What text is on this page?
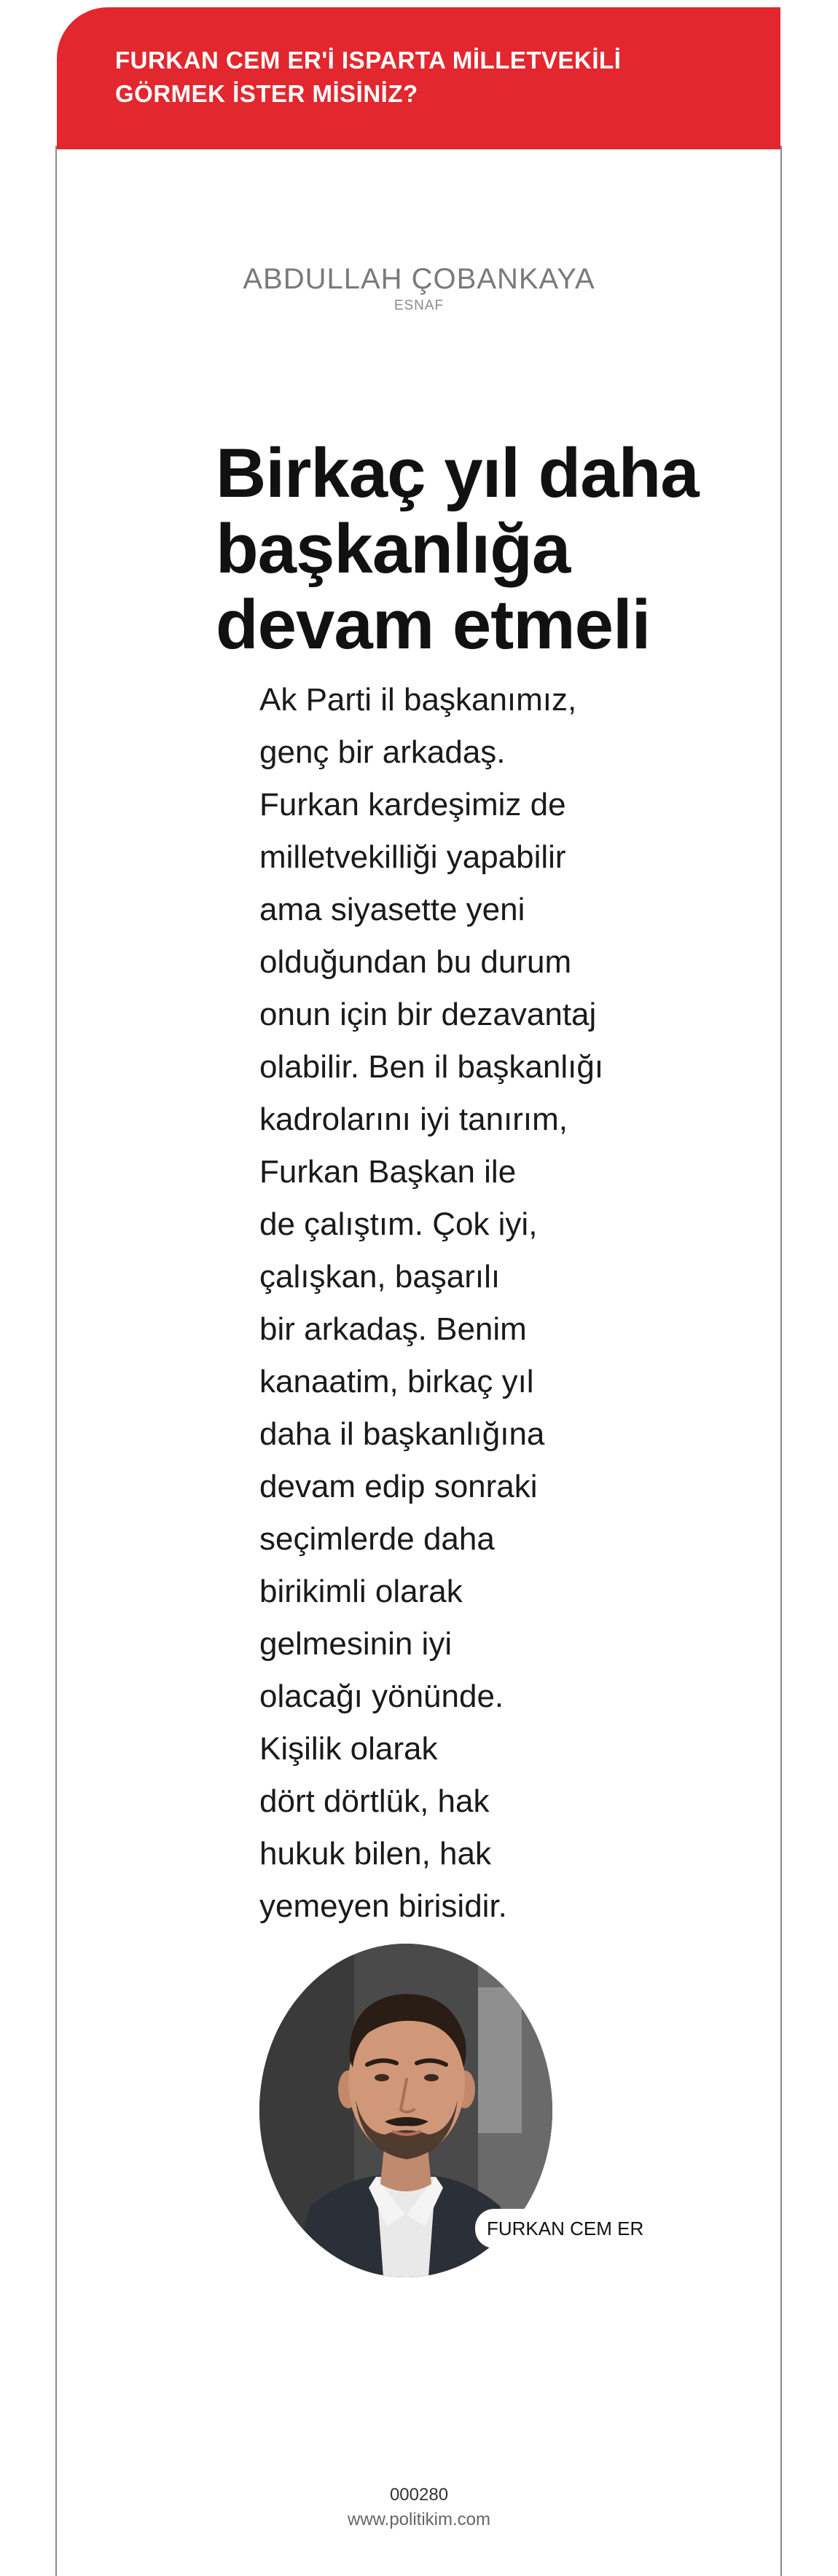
FURKAN CEM ER'İ ISPARTA MİLLETVEKİLİ GÖRMEK İSTER MİSİNİZ?
ABDULLAH ÇOBANKAYA
ESNAF
Birkaç yıl daha başkanlığa devam etmeli
Ak Parti il başkanımız,
genç bir arkadaş.
Furkan kardeşimiz de
milletvekilliği yapabilir
ama siyasette yeni
olduğundan bu durum
onun için bir dezavantaj
olabilir. Ben il başkanlığı
kadrolarını iyi tanırım,
Furkan Başkan ile
de çalıştım. Çok iyi,
çalışkan, başarılı
bir arkadaş. Benim
kanaatim, birkaç yıl
daha il başkanlığına
devam edip sonraki
seçimlerde daha
birikimli olarak
gelmesinin iyi
olacağı yönünde.
Kişilik olarak
dört dörtlük, hak
hukuk bilen, hak
yemeyen birisidir.
FURKAN CEM ER
000280
www.politikim.com
